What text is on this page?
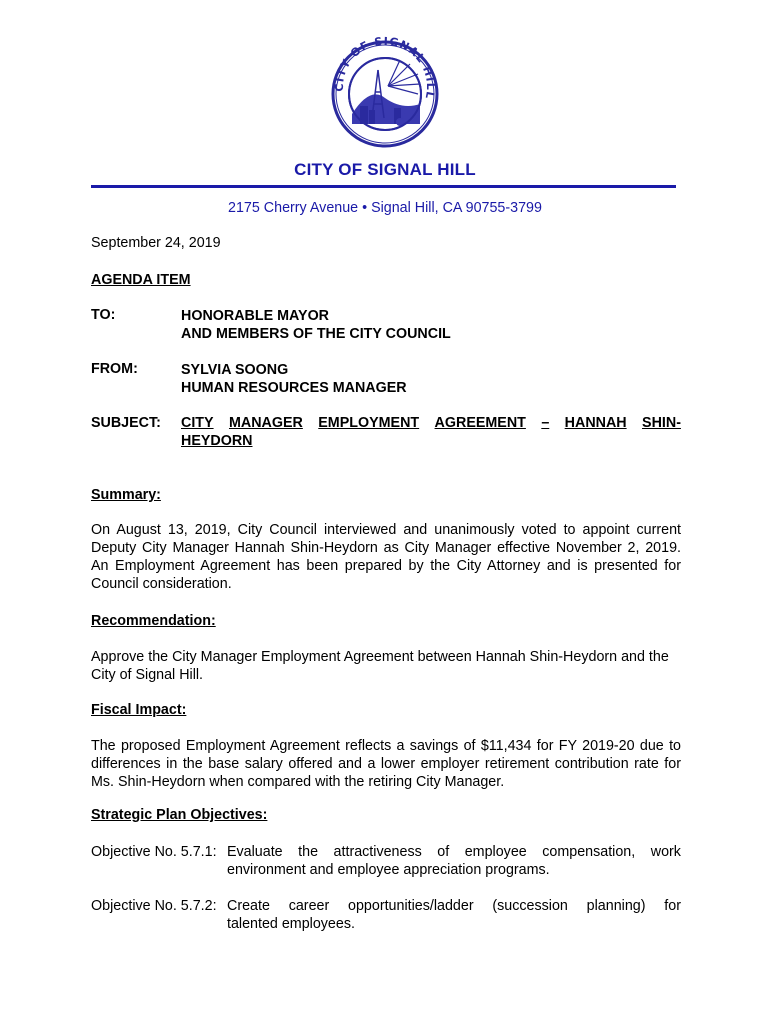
CITY OF SIGNAL HILL
CITY OF SIGNAL HILL
2175 Cherry Avenue • Signal Hill, CA 90755-3799
September 24, 2019
AGENDA ITEM
TO:	HONORABLE MAYOR
AND MEMBERS OF THE CITY COUNCIL
FROM:	SYLVIA SOONG
HUMAN RESOURCES MANAGER
SUBJECT: CITY MANAGER EMPLOYMENT AGREEMENT – HANNAH SHIN-
HEYDORN
Summary:
On August 13, 2019, City Council interviewed and unanimously voted to appoint current Deputy City Manager Hannah Shin-Heydorn as City Manager effective November 2, 2019. An Employment Agreement has been prepared by the City Attorney and is presented for Council consideration.
Recommendation:
Approve the City Manager Employment Agreement between Hannah Shin-Heydorn and the City of Signal Hill.
Fiscal Impact:
The proposed Employment Agreement reflects a savings of $11,434 for FY 2019-20 due to differences in the base salary offered and a lower employer retirement contribution rate for Ms. Shin-Heydorn when compared with the retiring City Manager.
Strategic Plan Objectives:
Objective No. 5.7.1: Evaluate the attractiveness of employee compensation, work
environment and employee appreciation programs.
Objective No. 5.7.2: Create career opportunities/ladder (succession planning) for
talented employees.
